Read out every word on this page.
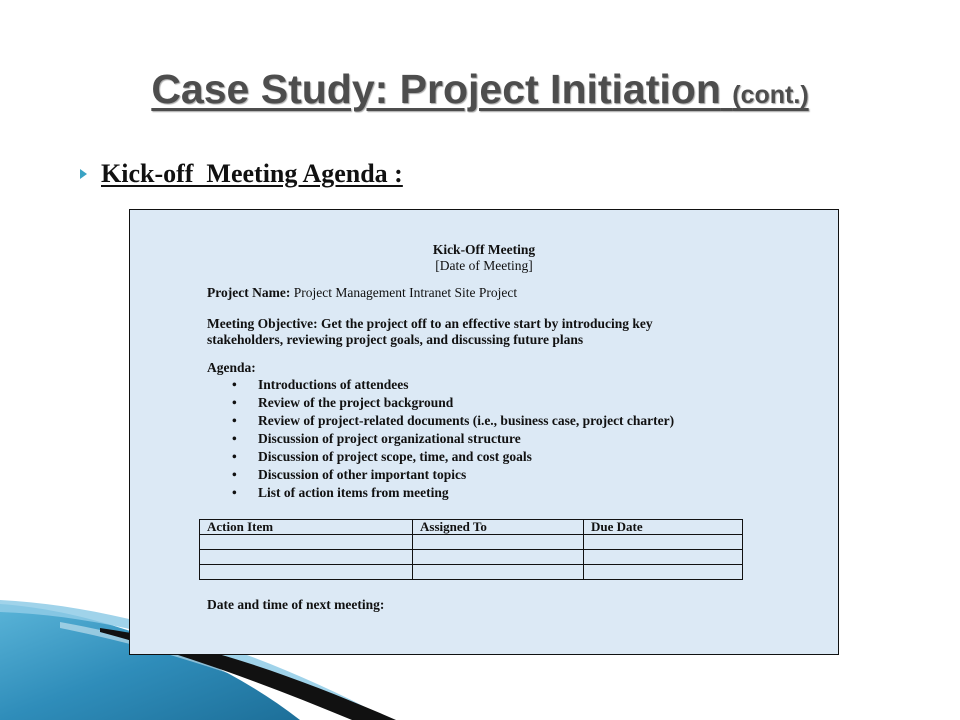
Case Study: Project Initiation (cont.)
Kick-off  Meeting Agenda :
Kick-Off Meeting
[Date of Meeting]
Project Name: Project Management Intranet Site Project
Meeting Objective: Get the project off to an effective start by introducing key
stakeholders, reviewing project goals, and discussing future plans
Agenda:
•	Introductions of attendees
•	Review of the project background
•	Review of project-related documents (i.e., business case, project charter)
•	Discussion of project organizational structure
•	Discussion of project scope, time, and cost goals
•	Discussion of other important topics
•	List of action items from meeting
Action Item	Assigned To	Due Date

Date and time of next meeting:
